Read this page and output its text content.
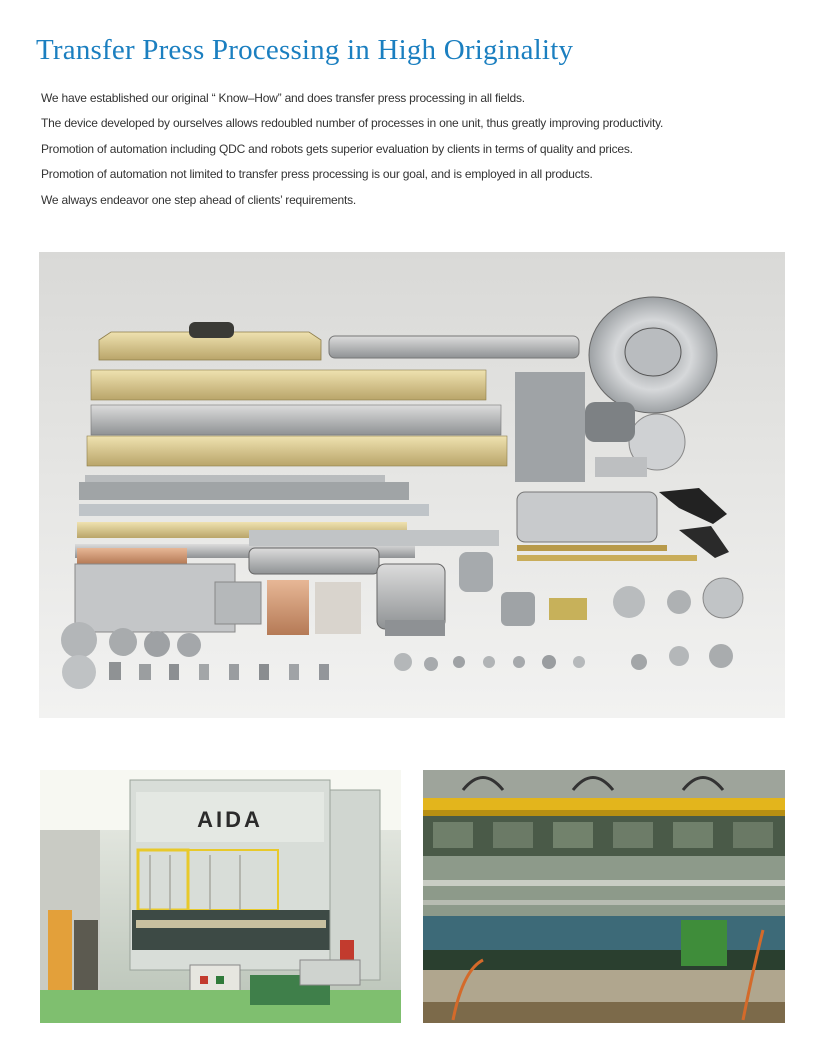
Transfer Press Processing in High Originality
We have established our original “ Know–How” and does transfer press processing in all fields.
The device developed by ourselves allows redoubled number of processes in one unit, thus greatly improving productivity.
Promotion of automation including QDC and robots gets superior evaluation by clients in terms of quality and prices.
Promotion of automation not limited to transfer press processing is our goal, and is employed in all products.
We always endeavor one step ahead of clients’ requirements.
AIDA
